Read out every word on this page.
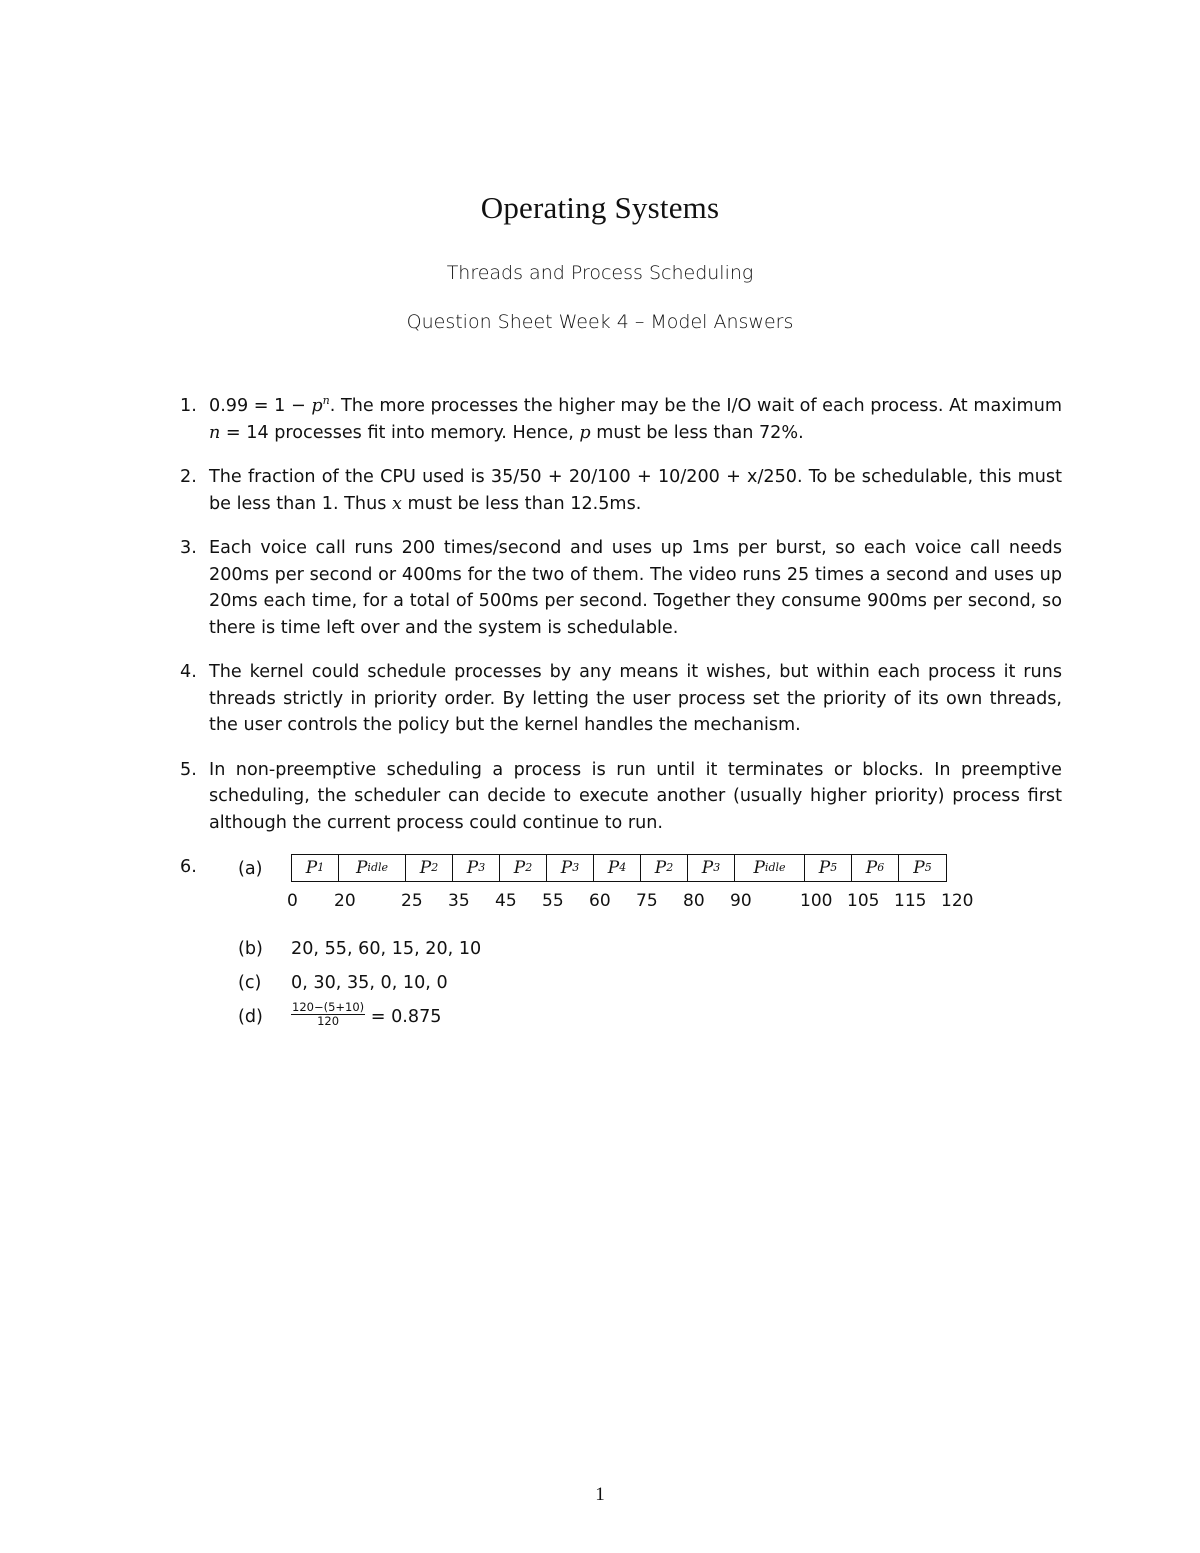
Operating Systems
Threads and Process Scheduling
Question Sheet Week 4 – Model Answers
1. $0.99 = 1 - p^n$. The more processes the higher may be the I/O wait of each process. At maximum n = 14 processes fit into memory. Hence, p must be less than 72%.
2. The fraction of the CPU used is 35/50 + 20/100 + 10/200 + x/250. To be schedulable, this must be less than 1. Thus x must be less than 12.5ms.
3. Each voice call runs 200 times/second and uses up 1ms per burst, so each voice call needs 200ms per second or 400ms for the two of them. The video runs 25 times a second and uses up 20ms each time, for a total of 500ms per second. Together they consume 900ms per second, so there is time left over and the system is schedulable.
4. The kernel could schedule processes by any means it wishes, but within each process it runs threads strictly in priority order. By letting the user process set the priority of its own threads, the user controls the policy but the kernel handles the mechanism.
5. In non-preemptive scheduling a process is run until it terminates or blocks. In preemptive scheduling, the scheduler can decide to execute another (usually higher priority) process first although the current process could continue to run.
6. (a)	P 1 P idle P 2 P 3 P 2 P 3 P 4 P 2 P 3 P idle P 5 P 6 P 5
0 20	25 35 45 55 60 75 80 90	100 105 115 120
(b) 20, 55, 60, 15, 20, 10
(c) 0, 30, 35, 0, 10, 0
$(d) \frac{120-(5+10)}{120} = 0.875$
1
